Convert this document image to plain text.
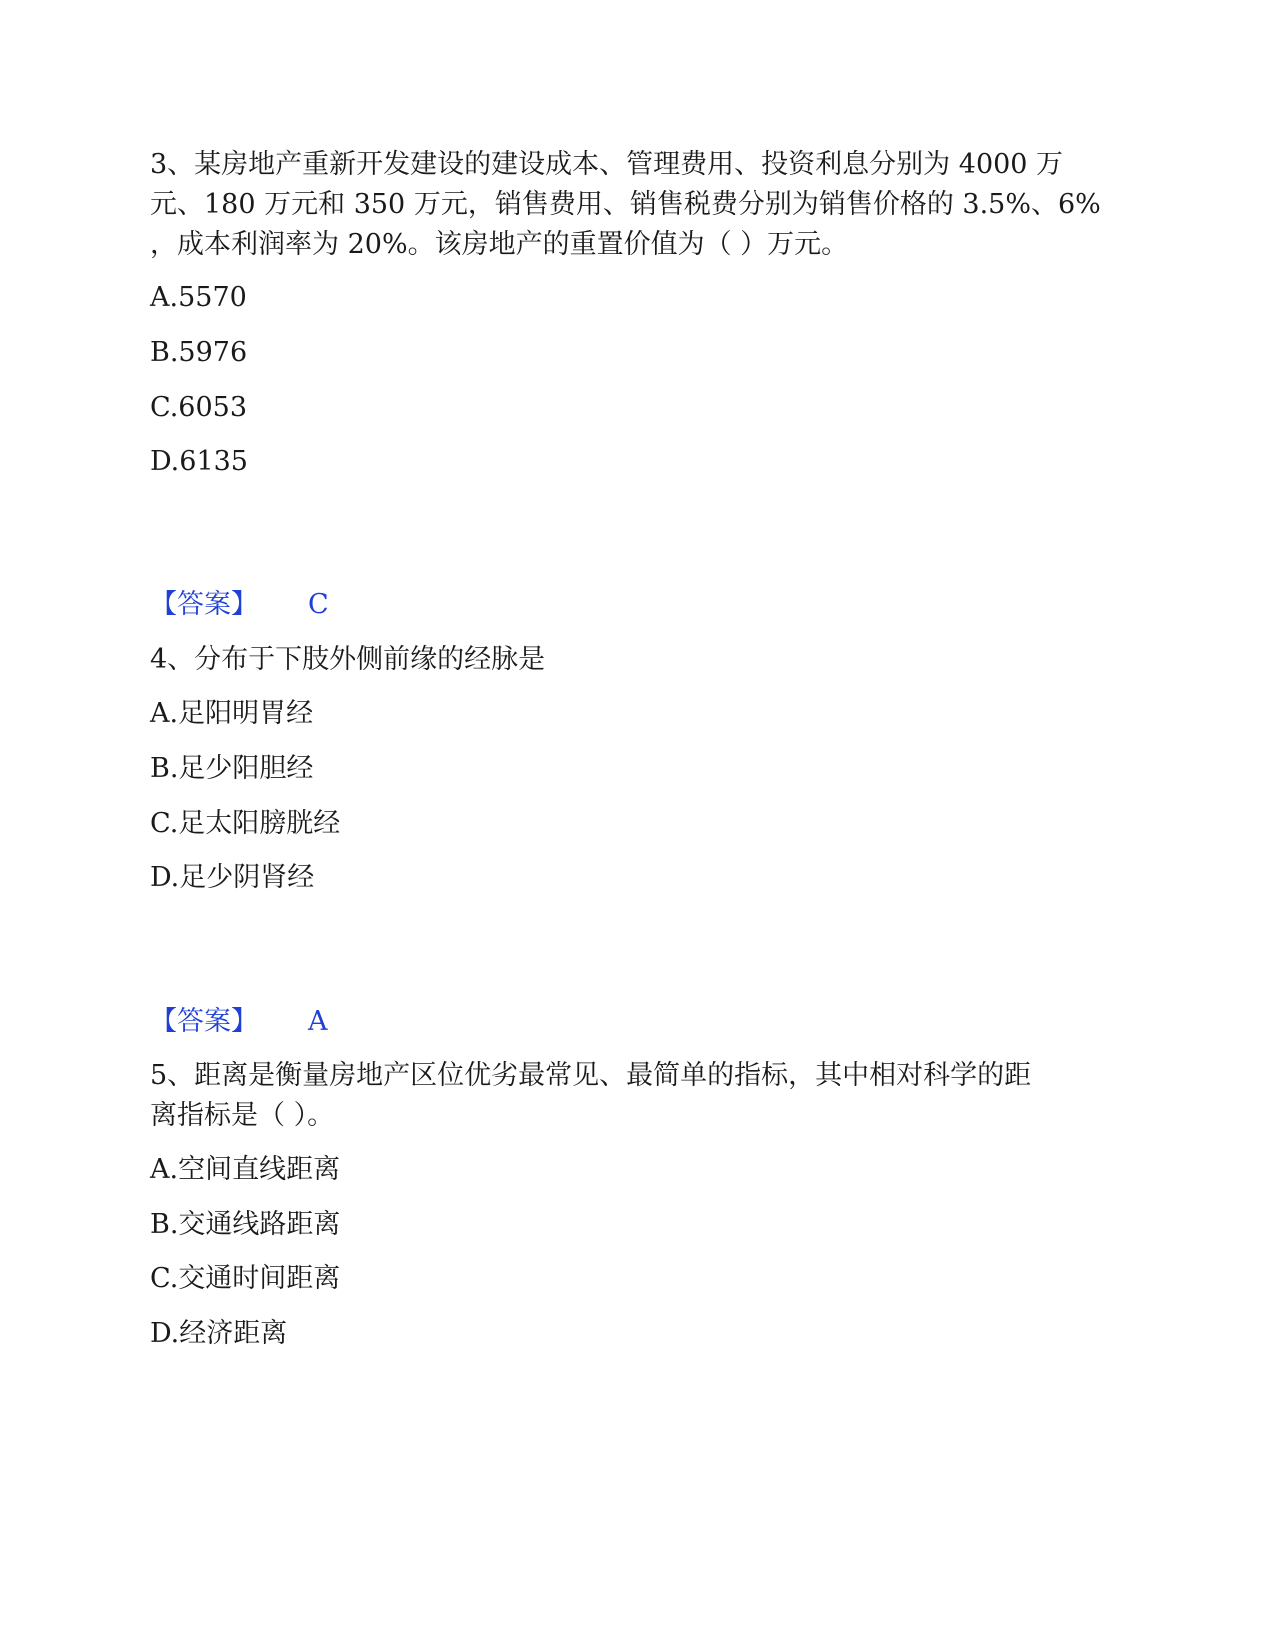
3、某房地产重新开发建设的建设成本、管理费用、投资利息分别为 4000 万
元、180 万元和 350 万元，销售费用、销售税费分别为销售价格的 3.5%、6%
，成本利润率为 20%。该房地产的重置价值为（ ）万元。
A.5570
B.5976
C.6053
D.6135
【答案】 C
4、分布于下肢外侧前缘的经脉是
A.足阳明胃经
B.足少阳胆经
C.足太阳膀胱经
D.足少阴肾经
【答案】 A
5、距离是衡量房地产区位优劣最常见、最简单的指标，其中相对科学的距
离指标是（ ）。
A.空间直线距离
B.交通线路距离
C.交通时间距离
D.经济距离
